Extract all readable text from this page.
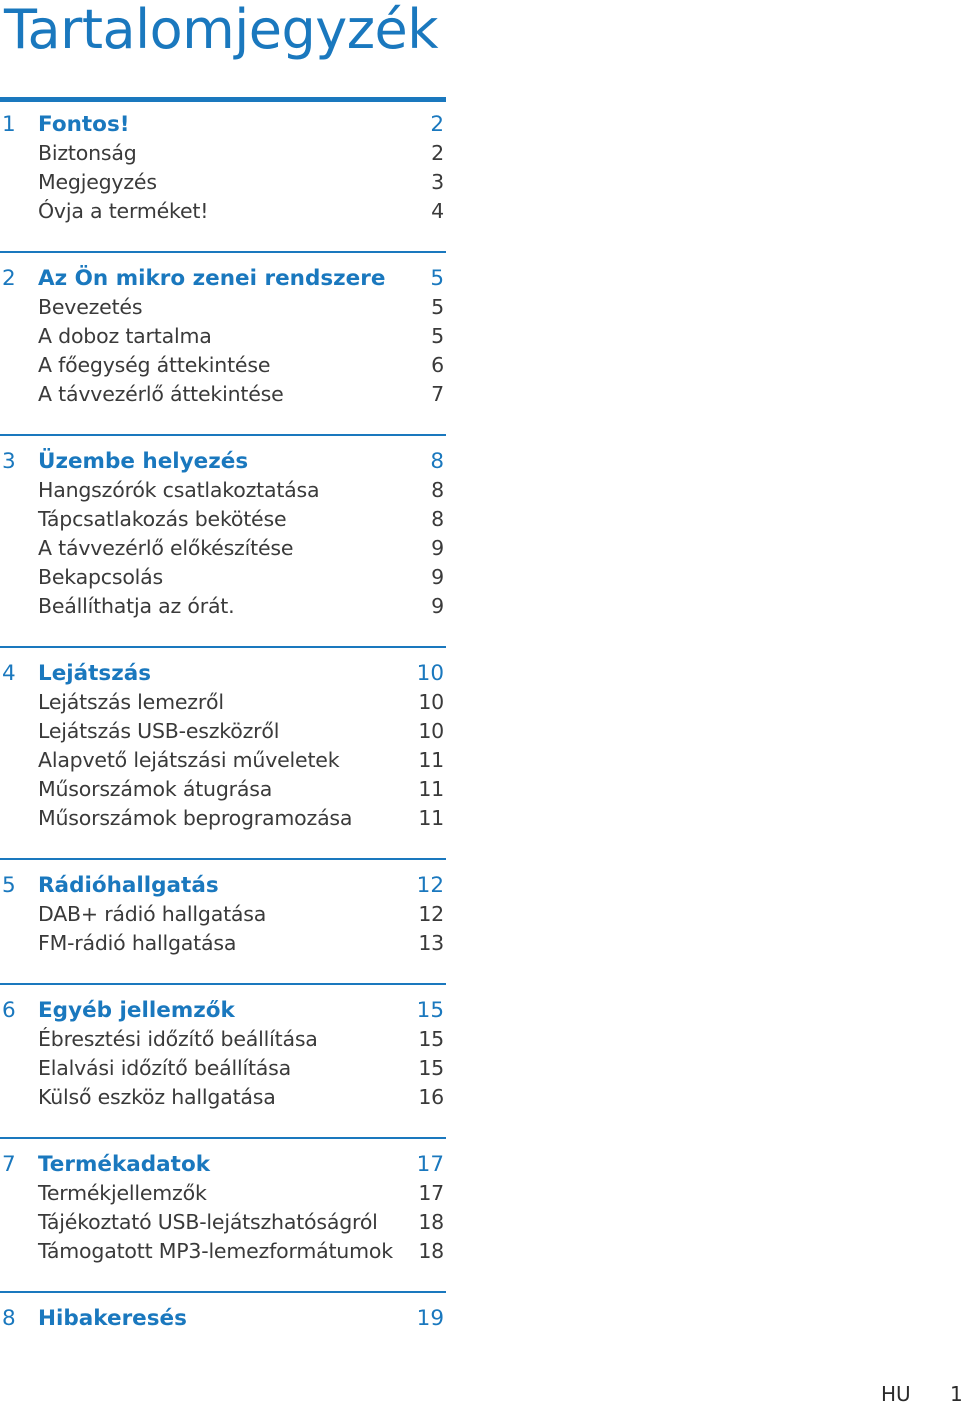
Tartalomjegyzék
1 Fontos!	2
Biztonság	2
Megjegyzés	3
Óvja a terméket!	4
2 Az Ön mikro zenei rendszere 5
Bevezetés	5
A doboz tartalma	5
A főegység áttekintése	6
A távvezérlő áttekintése	7
3 Üzembe helyezés	8
Hangszórók csatlakoztatása	8
Tápcsatlakozás bekötése	8
A távvezérlő előkészítése	9
Bekapcsolás	9
Beállíthatja az órát.	9
4 Lejátszás	10
Lejátszás lemezről	10
Lejátszás USB-eszközről	10
Alapvető lejátszási műveletek	11
Műsorszámok átugrása	11
Műsorszámok beprogramozása	11
5 Rádióhallgatás	12
DAB+ rádió hallgatása	12
FM-rádió hallgatása	13
6 Egyéb jellemzők	15
Ébresztési időzítő beállítása	15
Elalvási időzítő beállítása	15
Külső eszköz hallgatása	16
7 Termékadatok	17
Termékjellemzők	17
Tájékoztató USB-lejátszhatóságról 18
Támogatott MP3-lemezformátumok 18
8 Hibakeresés	19
HU 1
